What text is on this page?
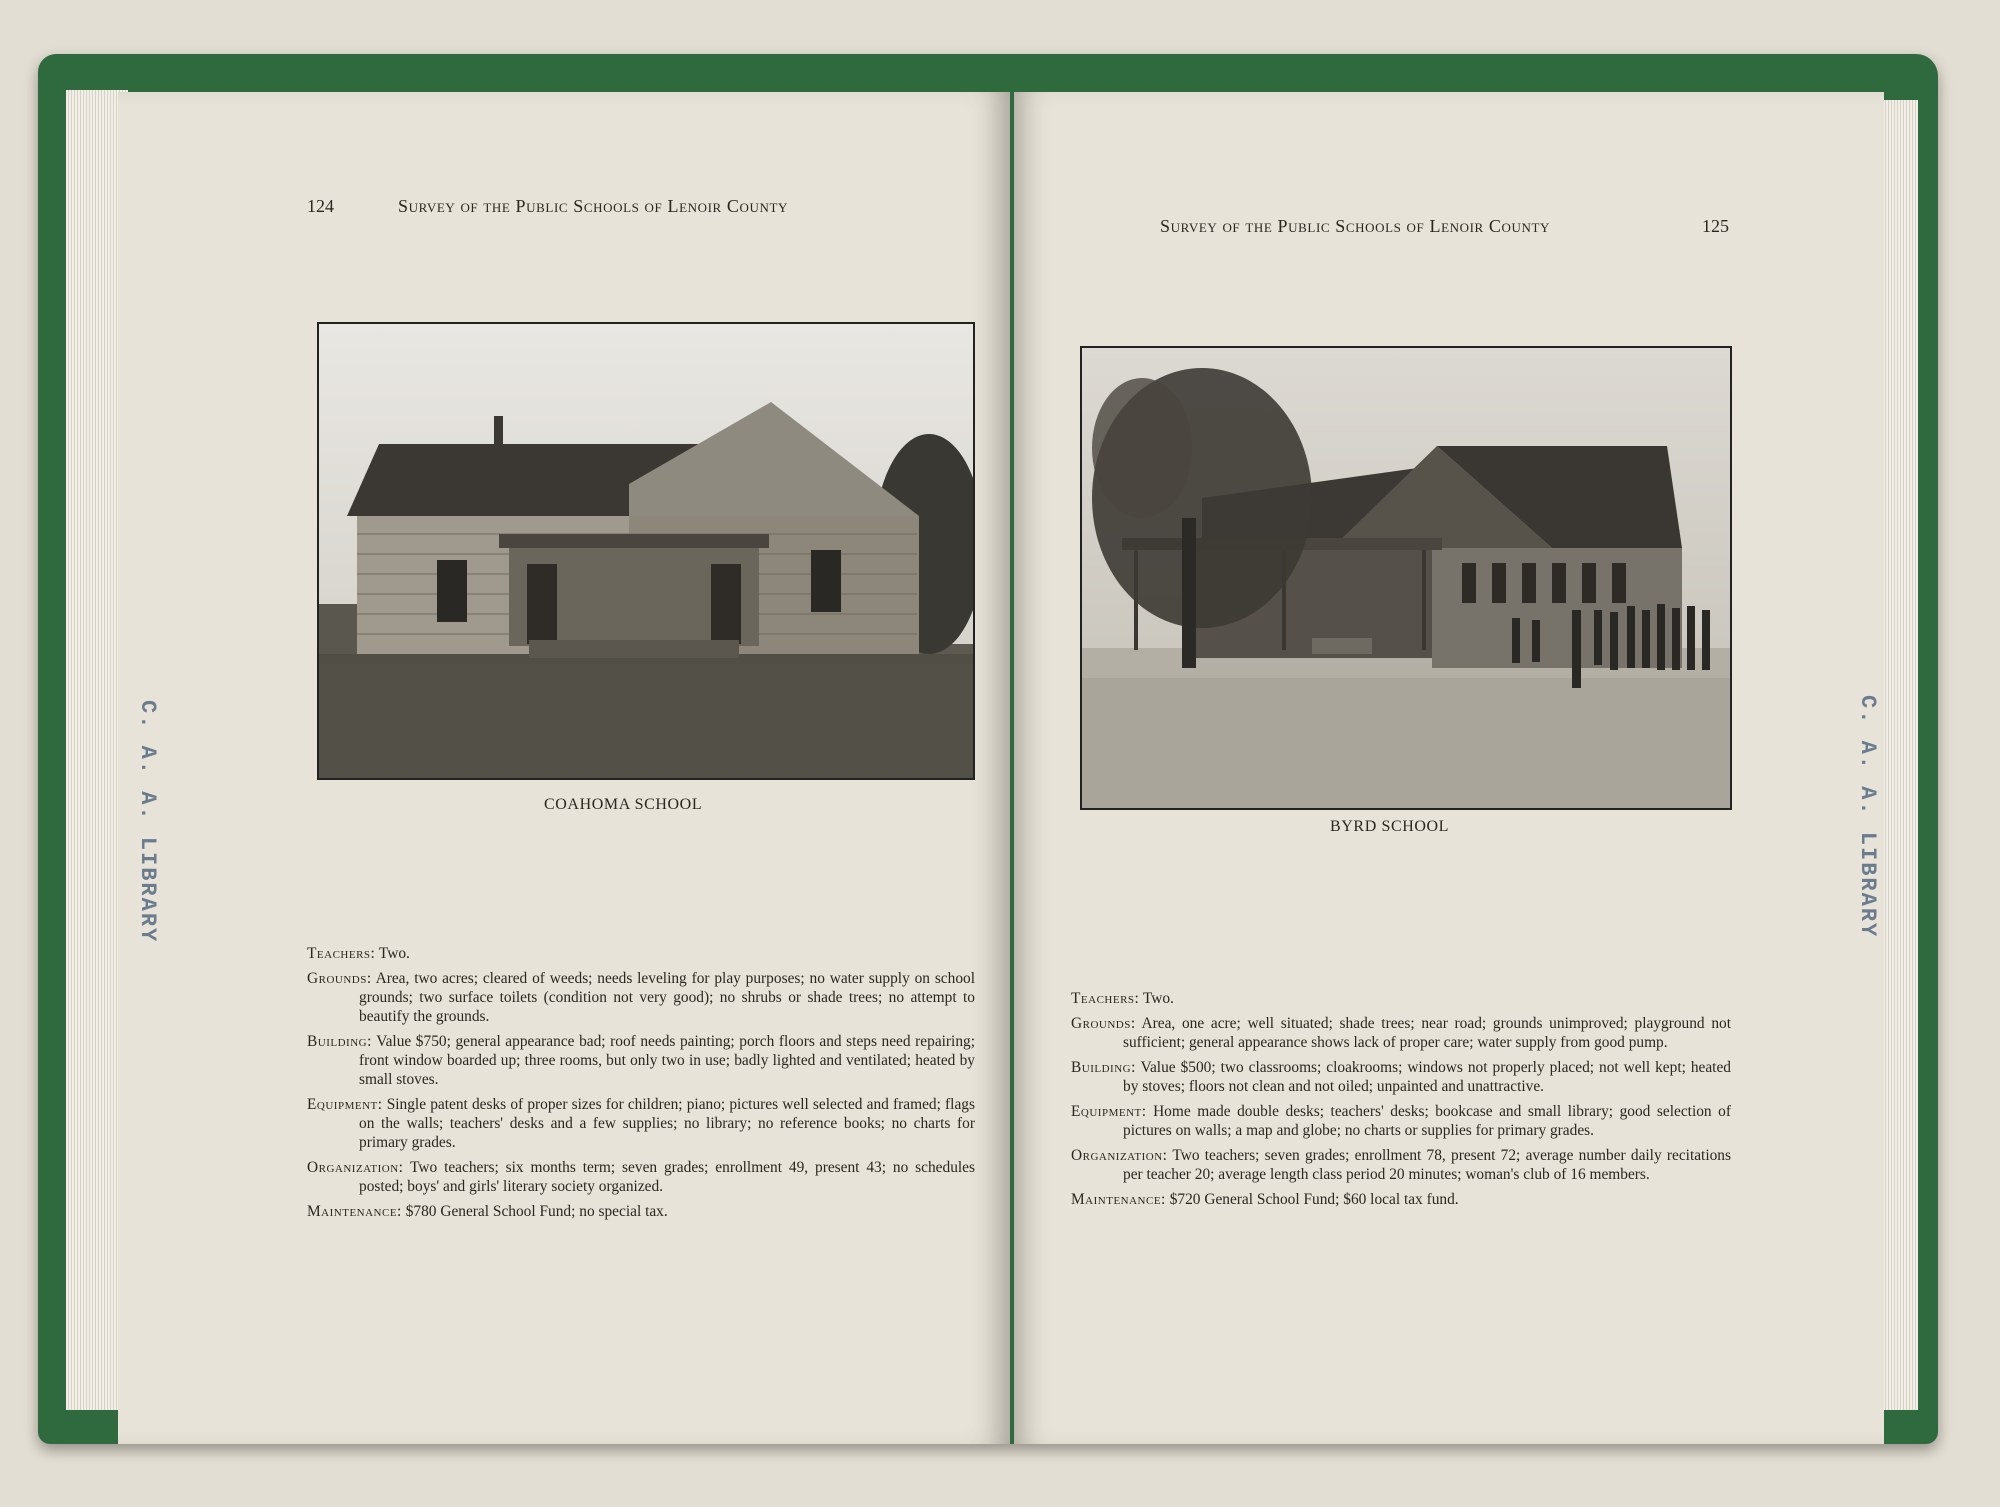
C. A. A. LIBRARY
124	Survey of the Public Schools of Lenoir County
COAHOMA SCHOOL
Teachers: Two.
Grounds: Area, two acres; cleared of weeds; needs leveling for play purposes; no water supply on school grounds; two surface toilets (condition not very good); no shrubs or shade trees; no attempt to beautify the grounds.
Building: Value $750; general appearance bad; roof needs painting; porch floors and steps need repairing; front window boarded up; three rooms, but only two in use; badly lighted and ventilated; heated by small stoves.
Equipment: Single patent desks of proper sizes for children; piano; pictures well selected and framed; flags on the walls; teachers' desks and a few supplies; no library; no reference books; no charts for primary grades.
Organization: Two teachers; six months term; seven grades; enrollment 49, present 43; no schedules posted; boys' and girls' literary society organized.
Maintenance: $780 General School Fund; no special tax.
C. A. A. LIBRARY
Survey of the Public Schools of Lenoir County	125
BYRD SCHOOL
Teachers: Two.
Grounds: Area, one acre; well situated; shade trees; near road; grounds unimproved; playground not sufficient; general appearance shows lack of proper care; water supply from good pump.
Building: Value $500; two classrooms; cloakrooms; windows not properly placed; not well kept; heated by stoves; floors not clean and not oiled; unpainted and unattractive.
Equipment: Home made double desks; teachers' desks; bookcase and small library; good selection of pictures on walls; a map and globe; no charts or supplies for primary grades.
Organization: Two teachers; seven grades; enrollment 78, present 72; average number daily recitations per teacher 20; average length class period 20 minutes; woman's club of 16 members.
Maintenance: $720 General School Fund; $60 local tax fund.
